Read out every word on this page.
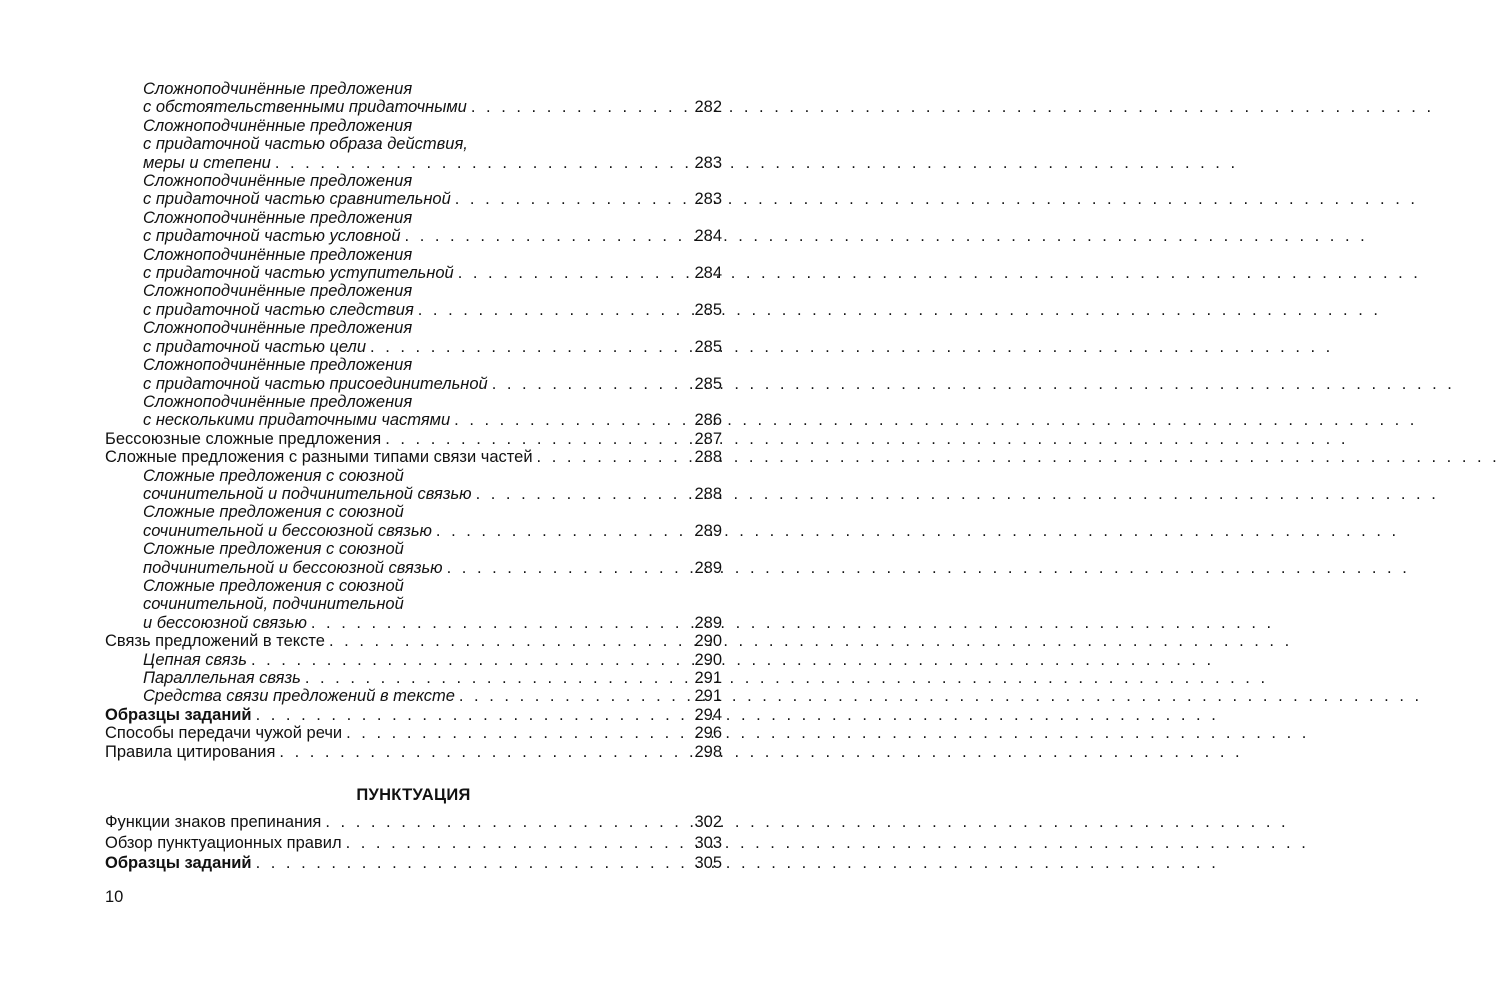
Сложноподчинённые предложения
с обстоятельственными придаточными . . .	282
Сложноподчинённые предложения
с придаточной частью образа действия,
меры и степени . . .	283
Сложноподчинённые предложения
с придаточной частью сравнительной . . .	283
Сложноподчинённые предложения
с придаточной частью условной . . .	284
Сложноподчинённые предложения
с придаточной частью уступительной . . .	284
Сложноподчинённые предложения
с придаточной частью следствия . . .	285
Сложноподчинённые предложения
с придаточной частью цели . . .	285
Сложноподчинённые предложения
с придаточной частью присоединительной . . .	285
Сложноподчинённые предложения
с несколькими придаточными частями . . .	286
Бессоюзные сложные предложения . . .	287
Сложные предложения с разными типами связи частей . . .	288
Сложные предложения с союзной
сочинительной и подчинительной связью . . .	288
Сложные предложения с союзной
сочинительной и бессоюзной связью . . .	289
Сложные предложения с союзной
подчинительной и бессоюзной связью . . .	289
Сложные предложения с союзной
сочинительной, подчинительной
и бессоюзной связью . . .	289
Связь предложений в тексте . . .	290
Цепная связь . . .	290
Параллельная связь . . .	291
Средства связи предложений в тексте . . .	291
Образцы заданий . . .	294
Способы передачи чужой речи . . .	296
Правила цитирования . . .	298
ПУНКТУАЦИЯ
Функции знаков препинания . . .	302
Обзор пунктуационных правил . . .	303
Образцы заданий . . .	305
10
